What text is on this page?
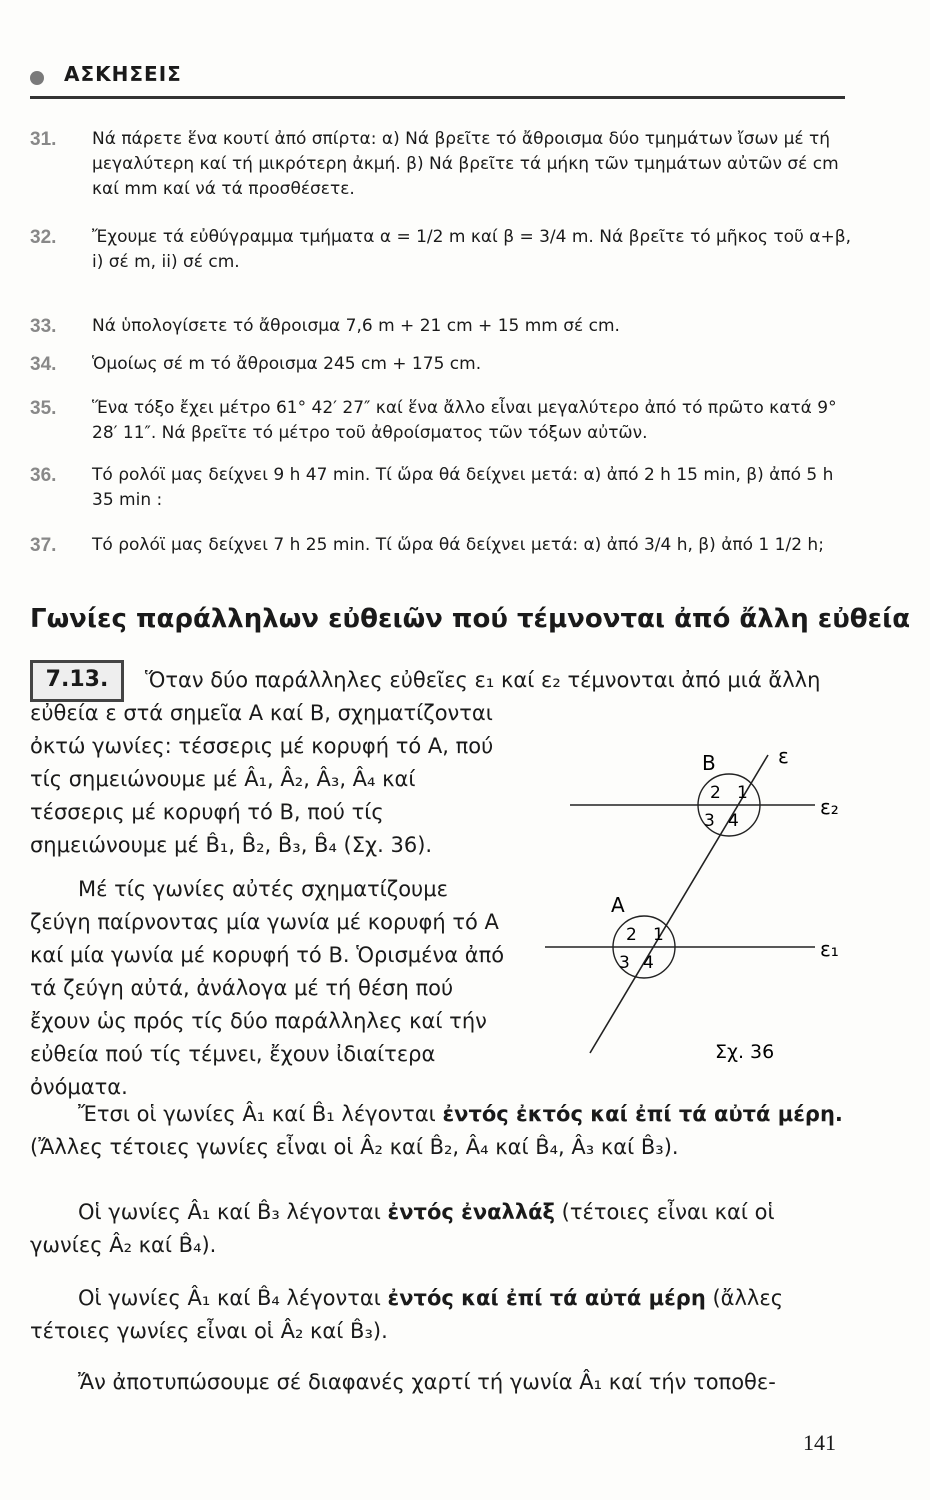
ΑΣΚΗΣΕΙΣ
31. Νά πάρετε ἕνα κουτί ἀπό σπίρτα: α) Νά βρεῖτε τό ἄθροισμα δύο τμημάτων ἴσων μέ τή μεγαλύτερη καί τή μικρότερη ἀκμή. β) Νά βρεῖτε τά μήκη τῶν τμημάτων αὐτῶν σέ cm καί mm καί νά τά προσθέσετε.
32. Ἔχουμε τά εὐθύγραμμα τμήματα α = 1/2 m καί β = 3/4 m. Νά βρεῖτε τό μῆκος τοῦ α+β, i) σέ m, ii) σέ cm.
33. Νά ὑπολογίσετε τό ἄθροισμα 7,6 m + 21 cm + 15 mm σέ cm.
34. Ὁμοίως σέ m τό ἄθροισμα 245 cm + 175 cm.
35. Ἕνα τόξο ἔχει μέτρο 61° 42′ 27″ καί ἕνα ἄλλο εἶναι μεγαλύτερο ἀπό τό πρῶτο κατά 9° 28′ 11″. Νά βρεῖτε τό μέτρο τοῦ ἀθροίσματος τῶν τόξων αὐτῶν.
36. Τό ρολόϊ μας δείχνει 9 h 47 min. Τί ὥρα θά δείχνει μετά: α) ἀπό 2 h 15 min, β) ἀπό 5 h 35 min :
37. Τό ρολόϊ μας δείχνει 7 h 25 min. Τί ὥρα θά δείχνει μετά: α) ἀπό 3/4 h, β) ἀπό 1 1/2 h;
Γωνίες παράλληλων εὐθειῶν πού τέμνονται ἀπό ἄλλη εὐθεία
7.13.	Ὅταν δύο παράλληλες εὐθεῖες ε₁ καί ε₂ τέμνονται ἀπό μιά ἄλλη
εὐθεία ε στά σημεῖα Α καί Β, σχηματίζονται ὀκτώ γωνίες: τέσσερις μέ κορυφή τό Α, πού τίς σημειώνουμε μέ Â₁, Â₂, Â₃, Â₄ καί τέσσερις μέ κορυφή τό Β, πού τίς σημειώνουμε μέ B̂₁, B̂₂, B̂₃, B̂₄ (Σχ. 36).
Μέ τίς γωνίες αὐτές σχηματίζουμε ζεύγη παίρνοντας μία γωνία μέ κορυφή τό Α καί μία γωνία μέ κορυφή τό Β. Ὁρισμένα ἀπό τά ζεύγη αὐτά, ἀνάλογα μέ τή θέση πού ἔχουν ὡς πρός τίς δύο παράλληλες καί τήν εὐθεία πού τίς τέμνει, ἔχουν ἰδιαίτερα ὀνόματα.
ε
ε₂
ε₁
Β
Α
1
2
3 4
1
2
3 4
Σχ. 36
Ἔτσι οἱ γωνίες Â₁ καί B̂₁ λέγονται ἐντός ἐκτός καί ἐπί τά αὐτά μέρη. (Ἄλλες τέτοιες γωνίες εἶναι οἱ Â₂ καί B̂₂, Â₄ καί B̂₄, Â₃ καί B̂₃).
Οἱ γωνίες Â₁ καί B̂₃ λέγονται ἐντός ἐναλλάξ (τέτοιες εἶναι καί οἱ γωνίες Â₂ καί B̂₄).
Οἱ γωνίες Â₁ καί B̂₄ λέγονται ἐντός καί ἐπί τά αὐτά μέρη (ἄλλες τέτοιες γωνίες εἶναι οἱ Â₂ καί B̂₃).
Ἄν ἀποτυπώσουμε σέ διαφανές χαρτί τή γωνία Â₁ καί τήν τοποθε-
141
